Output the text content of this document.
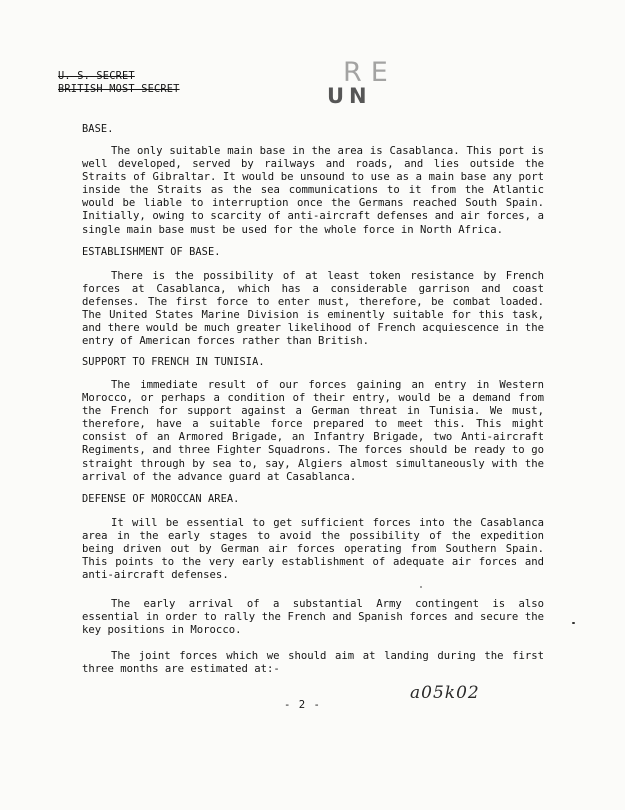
U. S. SECRET
BRITISH MOST SECRET
RE
UN
BASE.

The only suitable main base in the area is Casablanca. This port is well developed, served by railways and roads, and lies outside the Straits of Gibraltar. It would be unsound to use as a main base any port inside the Straits as the sea communications to it from the Atlantic would be liable to interruption once the Germans reached South Spain. Initially, owing to scarcity of anti-aircraft defenses and air forces, a single main base must be used for the whole force in North Africa.

ESTABLISHMENT OF BASE.

There is the possibility of at least token resistance by French forces at Casablanca, which has a considerable garrison and coast defenses. The first force to enter must, therefore, be combat loaded. The United States Marine Division is eminently suitable for this task, and there would be much greater likelihood of French acquiescence in the entry of American forces rather than British.

SUPPORT TO FRENCH IN TUNISIA.

The immediate result of our forces gaining an entry in Western Morocco, or perhaps a condition of their entry, would be a demand from the French for support against a German threat in Tunisia. We must, therefore, have a suitable force prepared to meet this. This might consist of an Armored Brigade, an Infantry Brigade, two Anti-aircraft Regiments, and three Fighter Squadrons. The forces should be ready to go straight through by sea to, say, Algiers almost simultaneously with the arrival of the advance guard at Casablanca.

DEFENSE OF MOROCCAN AREA.

It will be essential to get sufficient forces into the Casablanca area in the early stages to avoid the possibility of the expedition being driven out by German air forces operating from Southern Spain. This points to the very early establishment of adequate air forces and anti-aircraft defenses.

The early arrival of a substantial Army contingent is also essential in order to rally the French and Spanish forces and secure the key positions in Morocco.

The joint forces which we should aim at landing during the first three months are estimated at:-

- 2 -
a05k02
